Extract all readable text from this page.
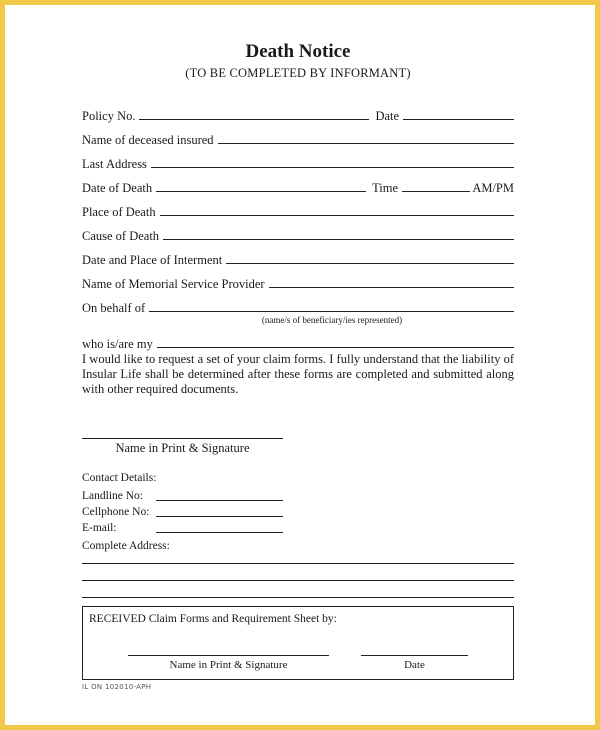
Death Notice
(TO BE COMPLETED BY INFORMANT)
Policy No.	Date
Name of deceased insured
Last Address
Date of Death	Time	AM/PM
Place of Death
Cause of Death
Date and Place of Interment
Name of Memorial Service Provider
On behalf of
(name/s of beneficiary/ies represented)
who is/are my
I would like to request a set of your claim forms. I fully understand that the liability of Insular Life shall be determined after these forms are completed and submitted along with other required documents.
Name in Print & Signature
Contact Details:
Landline No:
Cellphone No:
E-mail:
Complete Address:
RECEIVED Claim Forms and Requirement Sheet by:
Name in Print & Signature	Date
IL ON 102010-APH
